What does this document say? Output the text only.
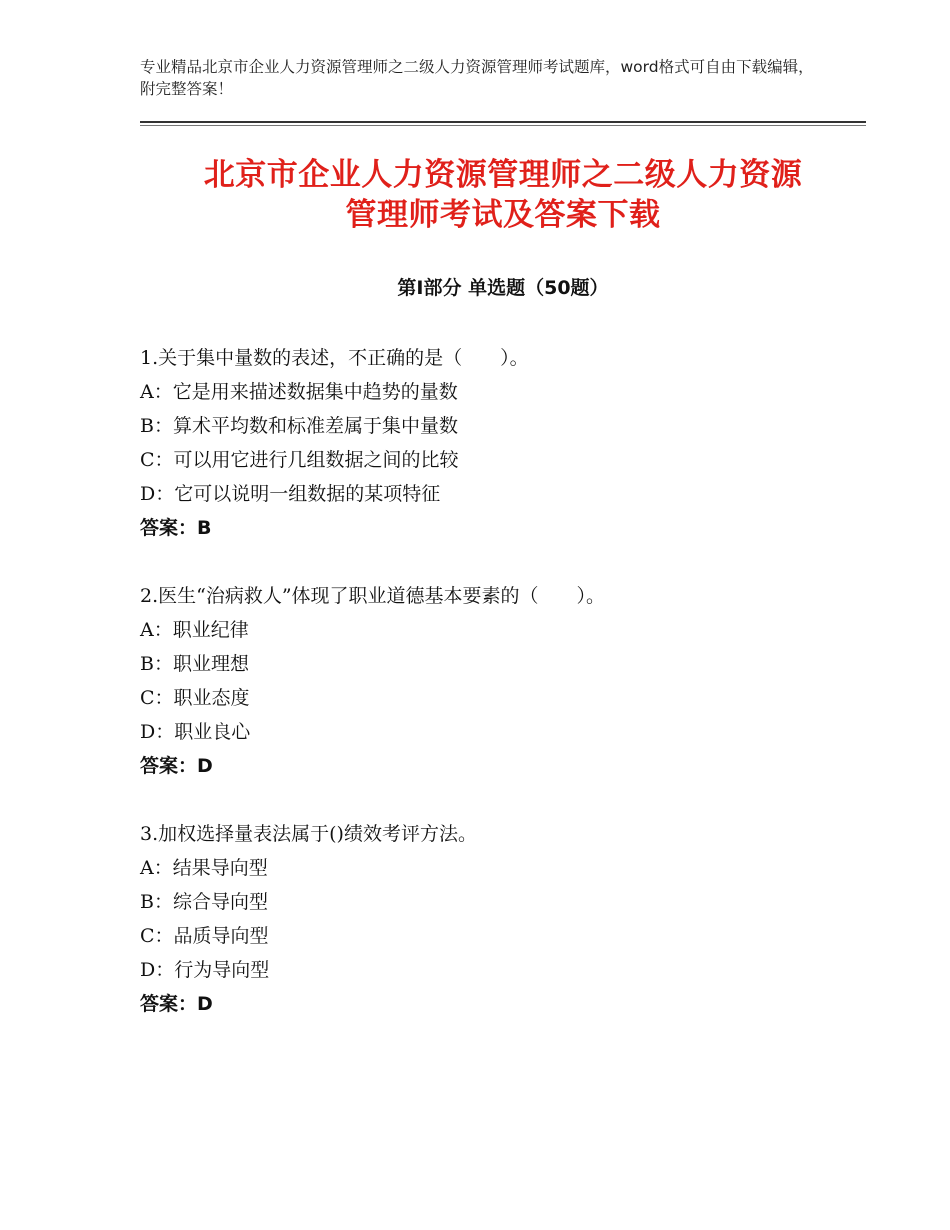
专业精品北京市企业人力资源管理师之二级人力资源管理师考试题库，word格式可自由下载编辑，附完整答案！
北京市企业人力资源管理师之二级人力资源
管理师考试及答案下载
第Ⅰ部分 单选题（50题）
1.关于集中量数的表述，不正确的是（　　）。
A：它是用来描述数据集中趋势的量数
B：算术平均数和标准差属于集中量数
C：可以用它进行几组数据之间的比较
D：它可以说明一组数据的某项特征
答案：B
2.医生“治病救人”体现了职业道德基本要素的（　　）。
A：职业纪律
B：职业理想
C：职业态度
D：职业良心
答案：D
3.加权选择量表法属于()绩效考评方法。
A：结果导向型
B：综合导向型
C：品质导向型
D：行为导向型
答案：D
